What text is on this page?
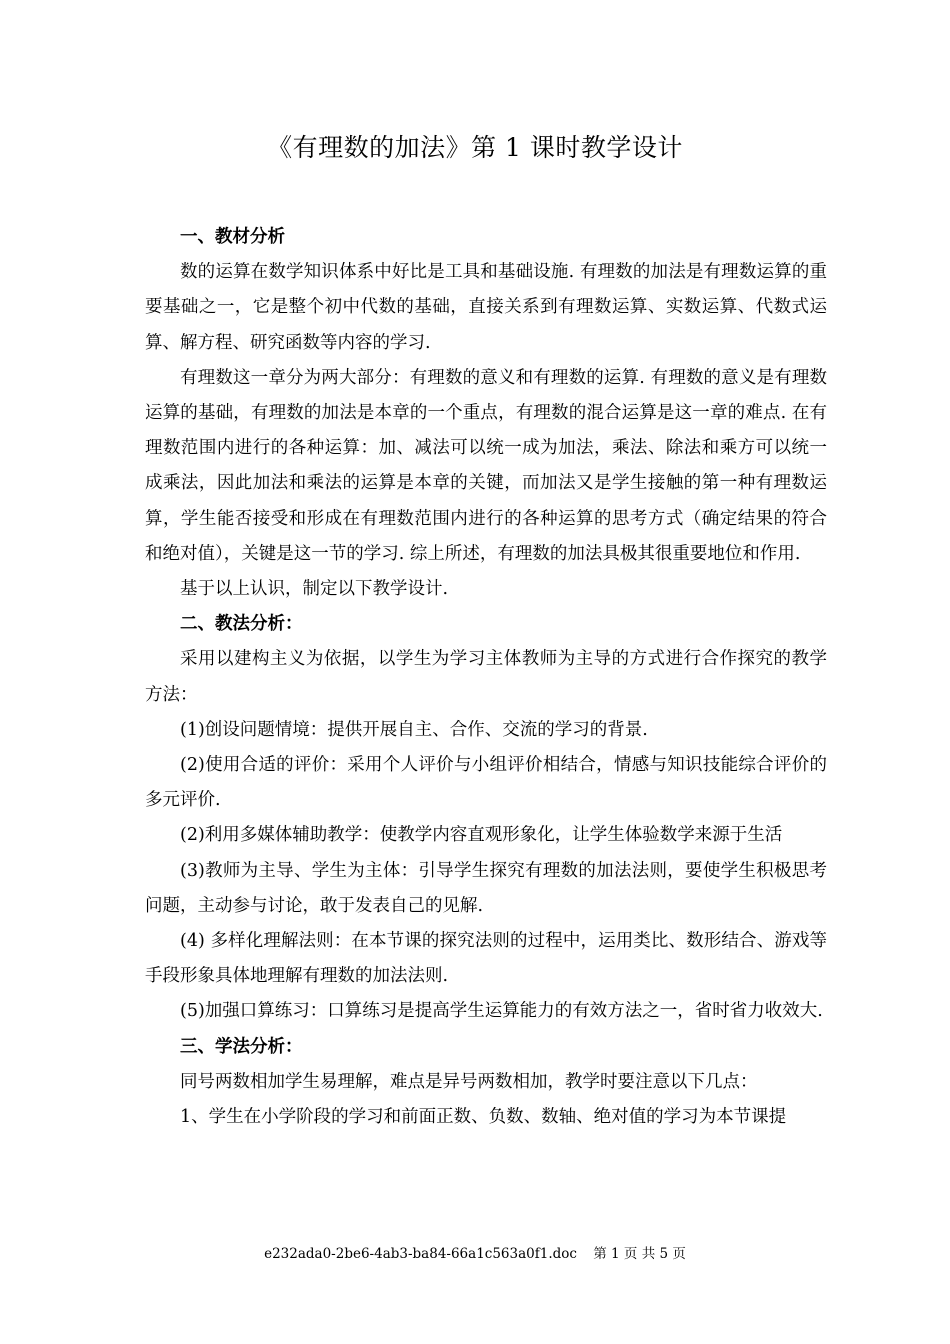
《有理数的加法》第 1 课时教学设计
一、教材分析

数的运算在数学知识体系中好比是工具和基础设施. 有理数的加法是有理数运算的重要基础之一，它是整个初中代数的基础，直接关系到有理数运算、实数运算、代数式运算、解方程、研究函数等内容的学习.

有理数这一章分为两大部分：有理数的意义和有理数的运算. 有理数的意义是有理数运算的基础，有理数的加法是本章的一个重点，有理数的混合运算是这一章的难点. 在有理数范围内进行的各种运算：加、减法可以统一成为加法，乘法、除法和乘方可以统一成乘法，因此加法和乘法的运算是本章的关键，而加法又是学生接触的第一种有理数运算，学生能否接受和形成在有理数范围内进行的各种运算的思考方式（确定结果的符合和绝对值），关键是这一节的学习. 综上所述，有理数的加法具极其很重要地位和作用.

基于以上认识，制定以下教学设计.

二、教法分析：

采用以建构主义为依据，以学生为学习主体教师为主导的方式进行合作探究的教学方法：

(1)创设问题情境：提供开展自主、合作、交流的学习的背景.

(2)使用合适的评价：采用个人评价与小组评价相结合，情感与知识技能综合评价的多元评价.

(2)利用多媒体辅助教学：使教学内容直观形象化，让学生体验数学来源于生活

(3)教师为主导、学生为主体：引导学生探究有理数的加法法则，要使学生积极思考问题，主动参与讨论，敢于发表自己的见解.

(4) 多样化理解法则：在本节课的探究法则的过程中，运用类比、数形结合、游戏等手段形象具体地理解有理数的加法法则.

(5)加强口算练习：口算练习是提高学生运算能力的有效方法之一，省时省力收效大.

三、学法分析：

同号两数相加学生易理解，难点是异号两数相加，教学时要注意以下几点：

1、学生在小学阶段的学习和前面正数、负数、数轴、绝对值的学习为本节课提

e232ada0-2be6-4ab3-ba84-66a1c563a0f1.doc 第 1 页 共 5 页
